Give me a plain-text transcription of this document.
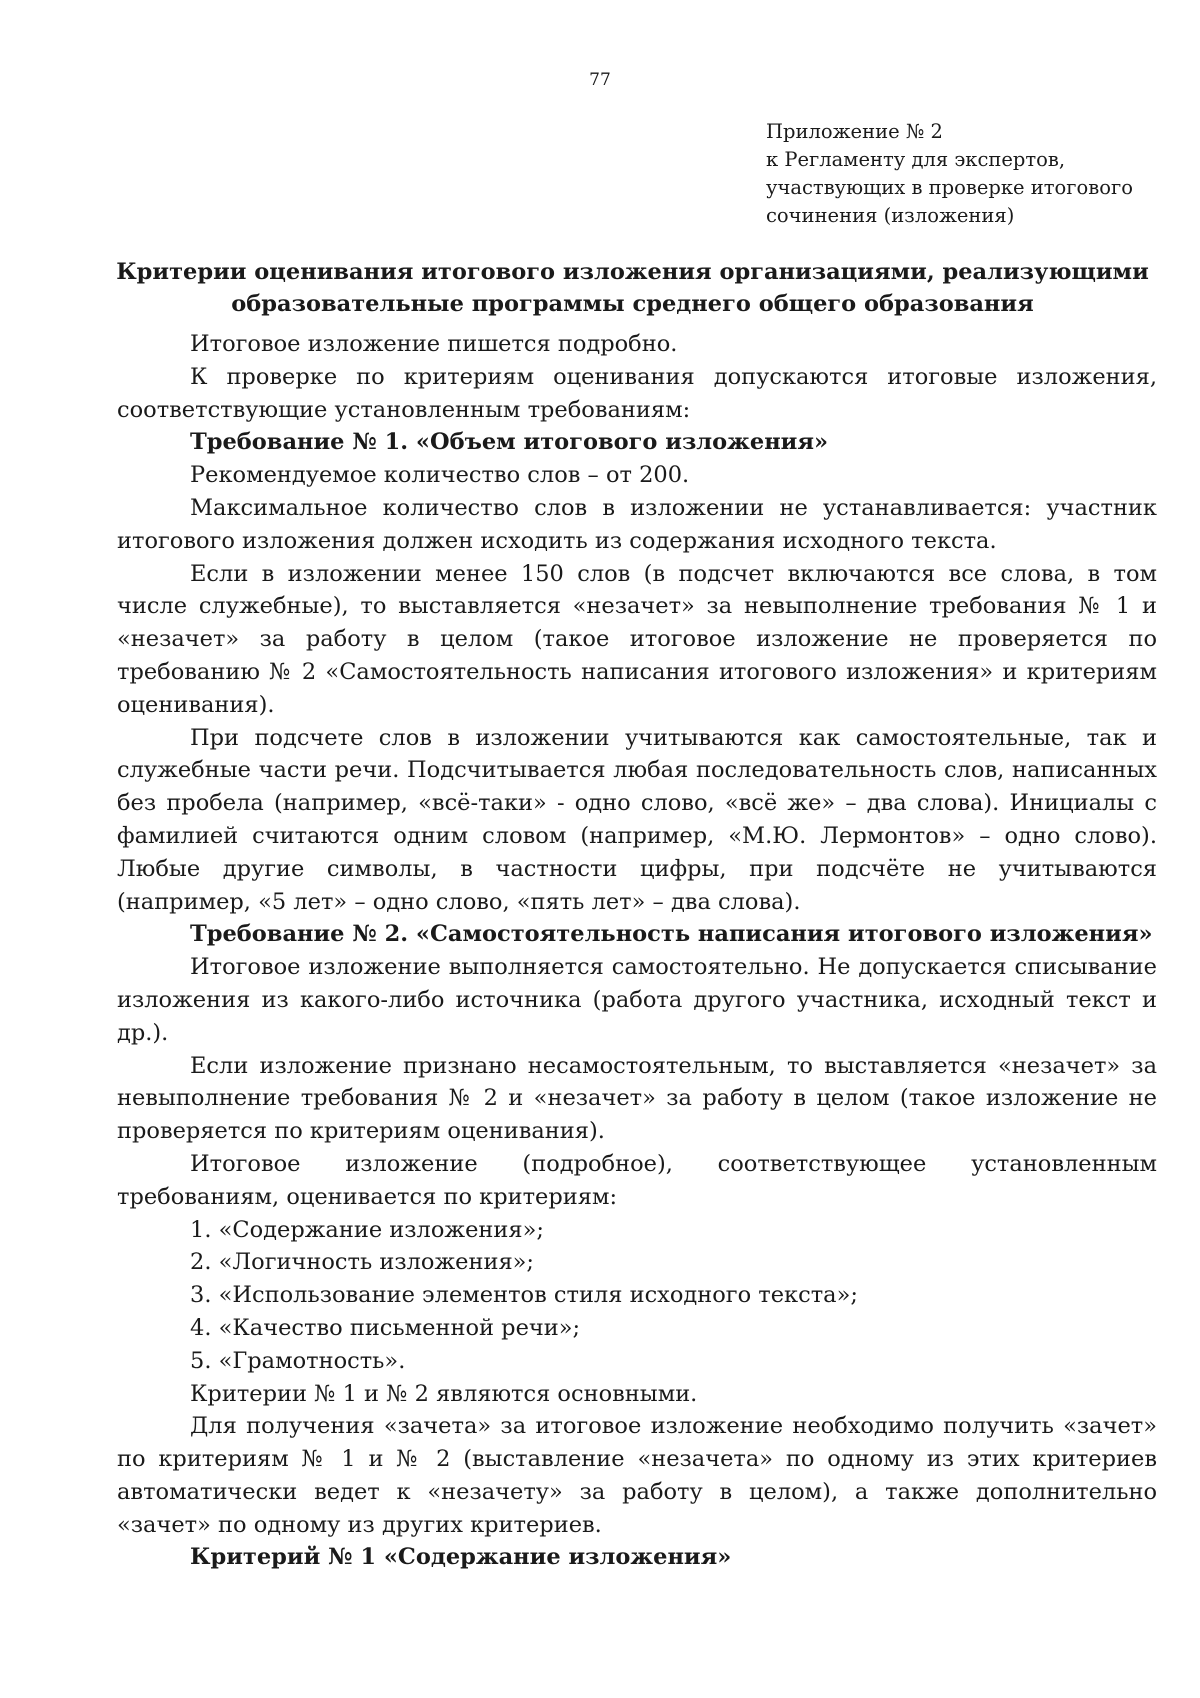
77
Приложение № 2
к Регламенту для экспертов,
участвующих в проверке итогового
сочинения (изложения)
Критерии оценивания итогового изложения организациями, реализующими
образовательные программы среднего общего образования

Итоговое изложение пишется подробно.

К проверке по критериям оценивания допускаются итоговые изложения, соответствующие установленным требованиям:

Требование № 1. «Объем итогового изложения»

Рекомендуемое количество слов – от 200.

Максимальное количество слов в изложении не устанавливается: участник итогового изложения должен исходить из содержания исходного текста.

Если в изложении менее 150 слов (в подсчет включаются все слова, в том числе служебные), то выставляется «незачет» за невыполнение требования № 1 и «незачет» за работу в целом (такое итоговое изложение не проверяется по требованию № 2 «Самостоятельность написания итогового изложения» и критериям оценивания).

При подсчете слов в изложении учитываются как самостоятельные, так и служебные части речи. Подсчитывается любая последовательность слов, написанных без пробела (например, «всё-таки» - одно слово, «всё же» – два слова). Инициалы с фамилией считаются одним словом (например, «М.Ю. Лермонтов» – одно слово). Любые другие символы, в частности цифры, при подсчёте не учитываются (например, «5 лет» – одно слово, «пять лет» – два слова).

Требование № 2. «Самостоятельность написания итогового изложения»

Итоговое изложение выполняется самостоятельно. Не допускается списывание изложения из какого-либо источника (работа другого участника, исходный текст и др.).

Если изложение признано несамостоятельным, то выставляется «незачет» за невыполнение требования № 2 и «незачет» за работу в целом (такое изложение не проверяется по критериям оценивания).

Итоговое изложение (подробное), соответствующее установленным требованиям, оценивается по критериям:

1. «Содержание изложения»;

2. «Логичность изложения»;

3. «Использование элементов стиля исходного текста»;

4. «Качество письменной речи»;

5. «Грамотность».

Критерии № 1 и № 2 являются основными.

Для получения «зачета» за итоговое изложение необходимо получить «зачет» по критериям № 1 и № 2 (выставление «незачета» по одному из этих критериев автоматически ведет к «незачету» за работу в целом), а также дополнительно «зачет» по одному из других критериев.

Критерий № 1 «Содержание изложения»
